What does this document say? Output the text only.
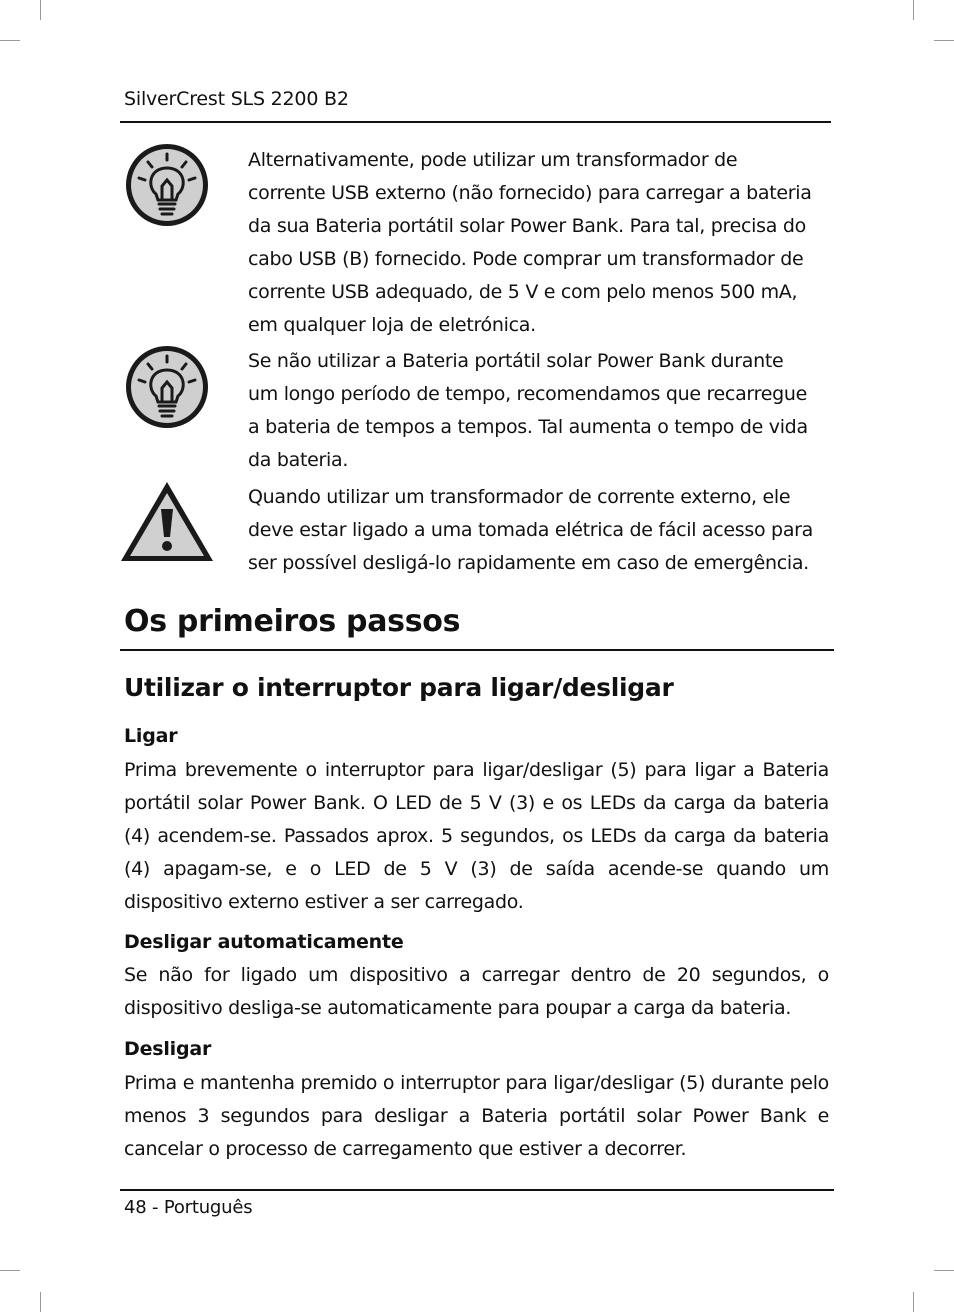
SilverCrest SLS 2200 B2
Alternativamente, pode utilizar um transformador de corrente USB externo (não fornecido) para carregar a bateria da sua Bateria portátil solar Power Bank. Para tal, precisa do cabo USB (B) fornecido. Pode comprar um transformador de corrente USB adequado, de 5 V e com pelo menos 500 mA, em qualquer loja de eletrónica.
Se não utilizar a Bateria portátil solar Power Bank durante um longo período de tempo, recomendamos que recarregue a bateria de tempos a tempos. Tal aumenta o tempo de vida da bateria.
Quando utilizar um transformador de corrente externo, ele deve estar ligado a uma tomada elétrica de fácil acesso para ser possível desligá-lo rapidamente em caso de emergência.
Os primeiros passos
Utilizar o interruptor para ligar/desligar
Ligar
Prima brevemente o interruptor para ligar/desligar (5) para ligar a Bateria portátil solar Power Bank. O LED de 5 V (3) e os LEDs da carga da bateria (4) acendem-se. Passados aprox. 5 segundos, os LEDs da carga da bateria (4) apagam-se, e o LED de 5 V (3) de saída acende-se quando um dispositivo externo estiver a ser carregado.
Desligar automaticamente
Se não for ligado um dispositivo a carregar dentro de 20 segundos, o dispositivo desliga-se automaticamente para poupar a carga da bateria.
Desligar
Prima e mantenha premido o interruptor para ligar/desligar (5) durante pelo menos 3 segundos para desligar a Bateria portátil solar Power Bank e cancelar o processo de carregamento que estiver a decorrer.
48 - Português
